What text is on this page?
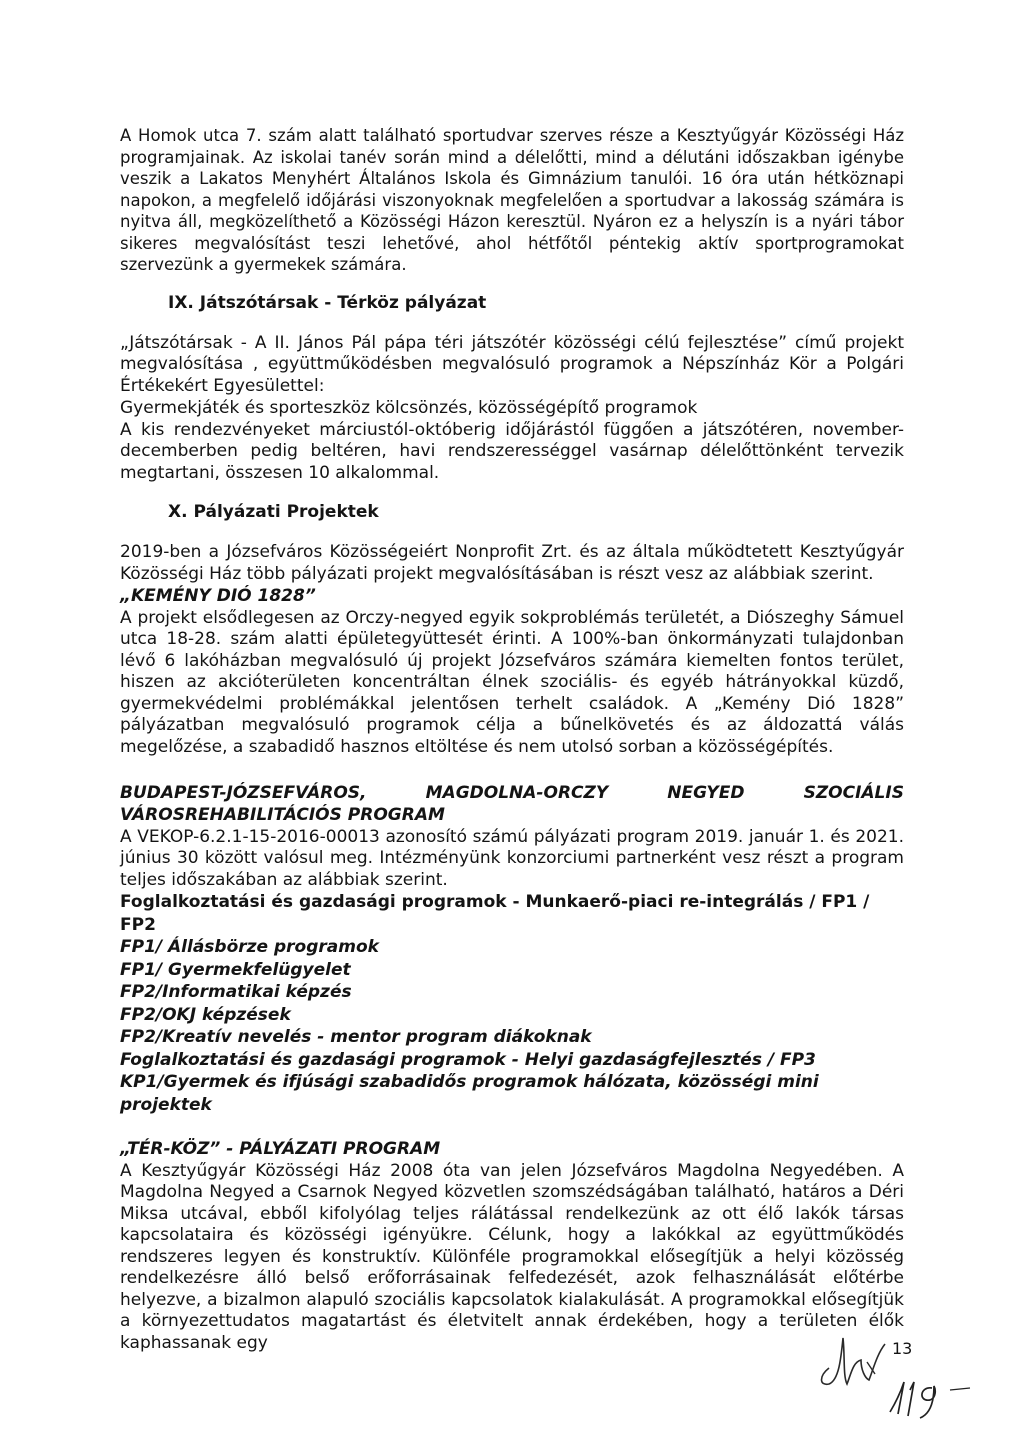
A Homok utca 7. szám alatt található sportudvar szerves része a Kesztyűgyár Közösségi Ház programjainak. Az iskolai tanév során mind a délelőtti, mind a délutáni időszakban igénybe veszik a Lakatos Menyhért Általános Iskola és Gimnázium tanulói. 16 óra után hétköznapi napokon, a megfelelő időjárási viszonyoknak megfelelően a sportudvar a lakosság számára is nyitva áll, megközelíthető a Közösségi Házon keresztül. Nyáron ez a helyszín is a nyári tábor sikeres megvalósítást teszi lehetővé, ahol hétfőtől péntekig aktív sportprogramokat szervezünk a gyermekek számára.

IX. Játszótársak - Térköz pályázat

„Játszótársak - A II. János Pál pápa téri játszótér közösségi célú fejlesztése” című projekt megvalósítása , együttműködésben megvalósuló programok a Népszínház Kör a Polgári Értékekért Egyesülettel:

Gyermekjáték és sporteszköz kölcsönzés, közösségépítő programok

A kis rendezvényeket márciustól-októberig időjárástól függően a játszótéren, november-decemberben pedig beltéren, havi rendszerességgel vasárnap délelőttönként tervezik megtartani, összesen 10 alkalommal.

X. Pályázati Projektek

2019-ben a Józsefváros Közösségeiért Nonprofit Zrt. és az általa működtetett Kesztyűgyár Közösségi Ház több pályázati projekt megvalósításában is részt vesz az alábbiak szerint.

„KEMÉNY DIÓ 1828”

A projekt elsődlegesen az Orczy-negyed egyik sokproblémás területét, a Diószeghy Sámuel utca 18-28. szám alatti épületegyüttesét érinti. A 100%-ban önkormányzati tulajdonban lévő 6 lakóházban megvalósuló új projekt Józsefváros számára kiemelten fontos terület, hiszen az akcióterületen koncentráltan élnek szociális- és egyéb hátrányokkal küzdő, gyermekvédelmi problémákkal jelentősen terhelt családok. A „Kemény Dió 1828” pályázatban megvalósuló programok célja a bűnelkövetés és az áldozattá válás megelőzése, a szabadidő hasznos eltöltése és nem utolsó sorban a közösségépítés.

BUDAPEST-JÓZSEFVÁROS,	MAGDOLNA-ORCZY	NEGYED	SZOCIÁLIS

VÁROSREHABILITÁCIÓS PROGRAM

A VEKOP-6.2.1-15-2016-00013 azonosító számú pályázati program 2019. január 1. és 2021. június 30 között valósul meg. Intézményünk konzorciumi partnerként vesz részt a program teljes időszakában az alábbiak szerint.

Foglalkoztatási és gazdasági programok - Munkaerő-piaci re-integrálás / FP1 / FP2

FP1/ Állásbörze programok

FP1/ Gyermekfelügyelet

FP2/Informatikai képzés

FP2/OKJ képzések

FP2/Kreatív nevelés - mentor program diákoknak

Foglalkoztatási és gazdasági programok - Helyi gazdaságfejlesztés / FP3

KP1/Gyermek és ifjúsági szabadidős programok hálózata, közösségi mini projektek

„TÉR-KÖZ” - PÁLYÁZATI PROGRAM

A Kesztyűgyár Közösségi Ház 2008 óta van jelen Józsefváros Magdolna Negyedében. A Magdolna Negyed a Csarnok Negyed közvetlen szomszédságában található, határos a Déri Miksa utcával, ebből kifolyólag teljes rálátással rendelkezünk az ott élő lakók társas kapcsolataira és közösségi igényükre. Célunk, hogy a lakókkal az együttműködés rendszeres legyen és konstruktív. Különféle programokkal elősegítjük a helyi közösség rendelkezésre álló belső erőforrásainak felfedezését, azok felhasználását előtérbe helyezve, a bizalmon alapuló szociális kapcsolatok kialakulását. A programokkal elősegítjük a környezettudatos magatartást és életvitelt annak érdekében, hogy a területen élők kaphassanak egy	13
